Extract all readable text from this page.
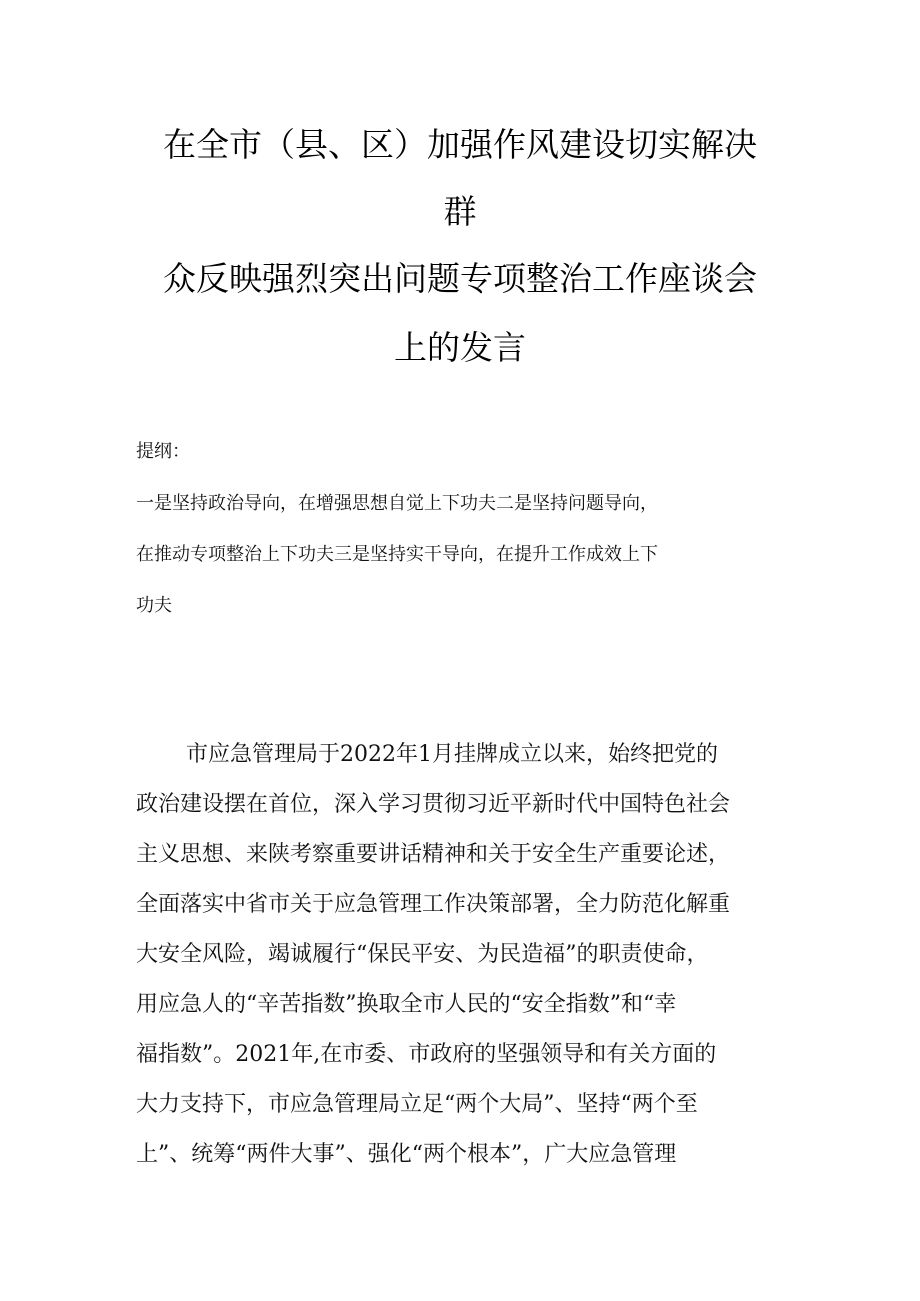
在全市（县、区）加强作风建设切实解决
群
众反映强烈突出问题专项整治工作座谈会
上的发言
提纲：
一是坚持政治导向，在增强思想自觉上下功夫二是坚持问题导向，
在推动专项整治上下功夫三是坚持实干导向，在提升工作成效上下
功夫
市应急管理局于2022年1月挂牌成立以来，始终把党的
政治建设摆在首位，深入学习贯彻习近平新时代中国特色社会
主义思想、来陕考察重要讲话精神和关于安全生产重要论述，
全面落实中省市关于应急管理工作决策部署，全力防范化解重
大安全风险，竭诚履行“保民平安、为民造福”的职责使命，
用应急人的“辛苦指数”换取全市人民的“安全指数”和“幸
福指数”。2021年,在市委、市政府的坚强领导和有关方面的
大力支持下，市应急管理局立足“两个大局”、坚持“两个至
上”、统筹“两件大事”、强化“两个根本”，广大应急管理
